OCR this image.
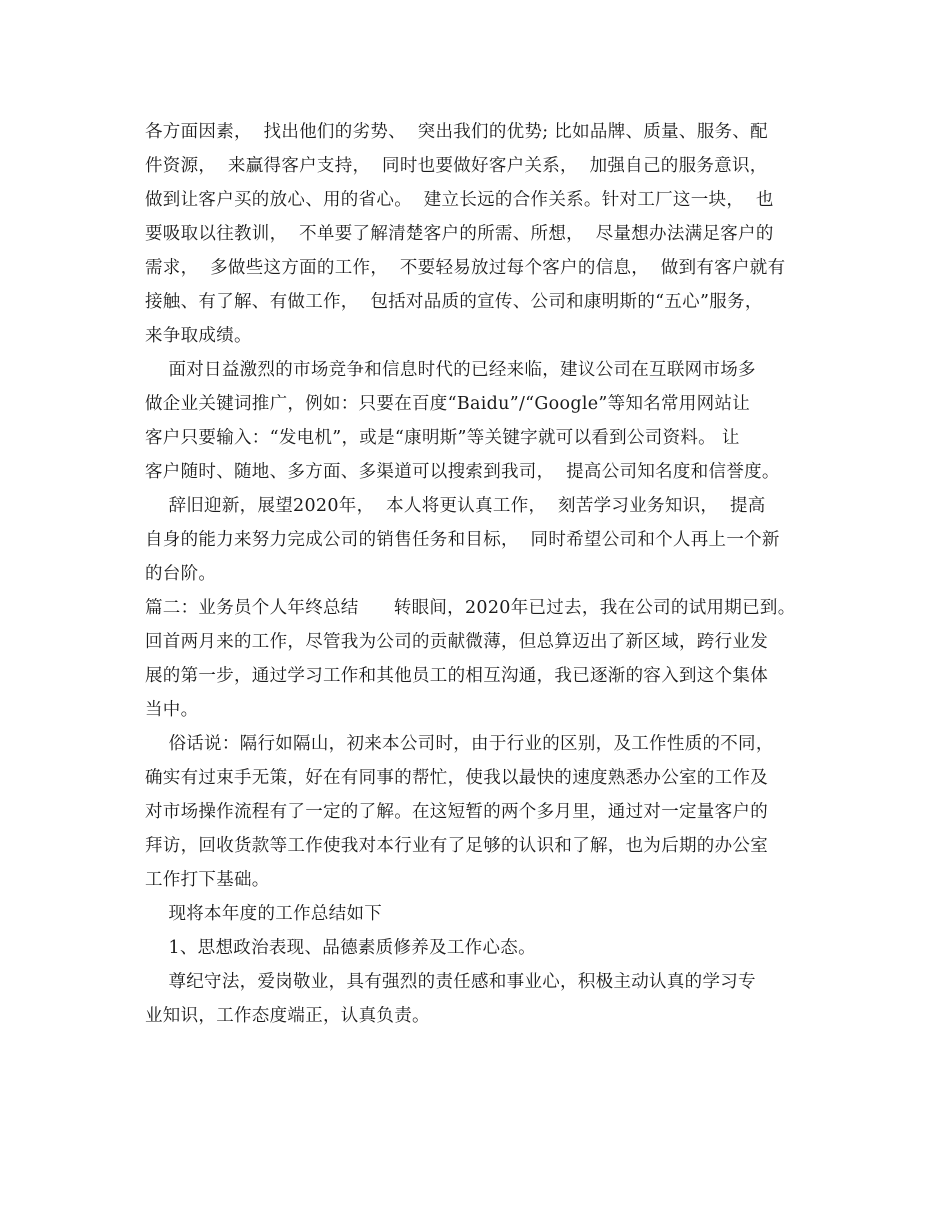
各方面因素，  找出他们的劣势、  突出我们的优势; 比如品牌、质量、服务、配
件资源，  来赢得客户支持，  同时也要做好客户关系，  加强自己的服务意识，
做到让客户买的放心、用的省心。  建立长远的合作关系。针对工厂这一块，  也
要吸取以往教训，  不单要了解清楚客户的所需、所想，  尽量想办法满足客户的
需求，  多做些这方面的工作，  不要轻易放过每个客户的信息，  做到有客户就有
接触、有了解、有做工作，  包括对品质的宣传、公司和康明斯的“五心”服务，
来争取成绩。
面对日益激烈的市场竞争和信息时代的已经来临，建议公司在互联网市场多
做企业关键词推广，例如：只要在百度“Baidu”/“Google”等知名常用网站让
客户只要输入：“发电机”，或是“康明斯”等关键字就可以看到公司资料。 让
客户随时、随地、多方面、多渠道可以搜索到我司，  提高公司知名度和信誉度。
辞旧迎新，展望2020年，  本人将更认真工作，  刻苦学习业务知识，  提高
自身的能力来努力完成公司的销售任务和目标，  同时希望公司和个人再上一个新
的台阶。
篇二：业务员个人年终总结      转眼间，2020年已过去，我在公司的试用期已到。
回首两月来的工作，尽管我为公司的贡献微薄，但总算迈出了新区域，跨行业发
展的第一步，通过学习工作和其他员工的相互沟通，我已逐渐的容入到这个集体
当中。
俗话说：隔行如隔山，初来本公司时，由于行业的区别，及工作性质的不同，
确实有过束手无策，好在有同事的帮忙，使我以最快的速度熟悉办公室的工作及
对市场操作流程有了一定的了解。在这短暂的两个多月里，通过对一定量客户的
拜访，回收货款等工作使我对本行业有了足够的认识和了解，也为后期的办公室
工作打下基础。
现将本年度的工作总结如下
1、思想政治表现、品德素质修养及工作心态。
尊纪守法，爱岗敬业，具有强烈的责任感和事业心，积极主动认真的学习专
业知识，工作态度端正，认真负责。
